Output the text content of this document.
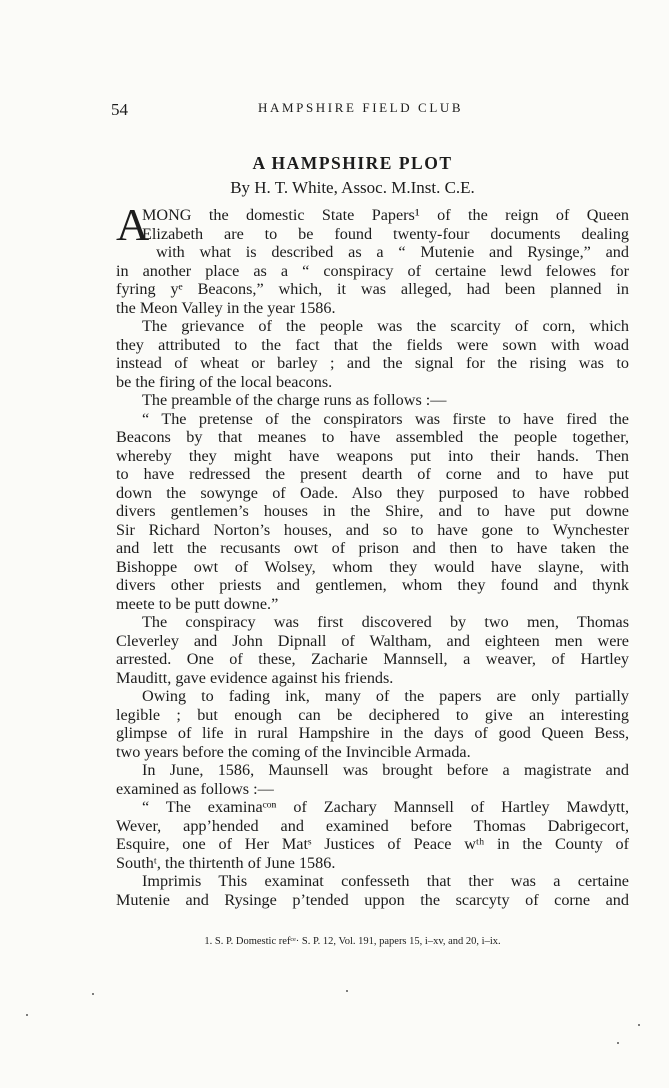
54	HAMPSHIRE FIELD CLUB
A HAMPSHIRE PLOT
By H. T. White, Assoc. M.Inst. C.E.
A
MONG the domestic State Papers¹ of the reign of Queen
Elizabeth are to be found twenty-four documents dealing
with what is described as a “ Mutenie and Rysinge,” and
in another place as a “ conspiracy of certaine lewd felowes for
fyring yᵉ Beacons,” which, it was alleged, had been planned in
the Meon Valley in the year 1586.
The grievance of the people was the scarcity of corn, which
they attributed to the fact that the fields were sown with woad
instead of wheat or barley ; and the signal for the rising was to
be the firing of the local beacons.
The preamble of the charge runs as follows :—
“ The pretense of the conspirators was firste to have fired the
Beacons by that meanes to have assembled the people together,
whereby they might have weapons put into their hands. Then
to have redressed the present dearth of corne and to have put
down the sowynge of Oade. Also they purposed to have robbed
divers gentlemen’s houses in the Shire, and to have put downe
Sir Richard Norton’s houses, and so to have gone to Wynchester
and lett the recusants owt of prison and then to have taken the
Bishoppe owt of Wolsey, whom they would have slayne, with
divers other priests and gentlemen, whom they found and thynk
meete to be putt downe.”
The conspiracy was first discovered by two men, Thomas
Cleverley and John Dipnall of Waltham, and eighteen men were
arrested. One of these, Zacharie Mannsell, a weaver, of Hartley
Mauditt, gave evidence against his friends.
Owing to fading ink, many of the papers are only partially
legible ; but enough can be deciphered to give an interesting
glimpse of life in rural Hampshire in the days of good Queen Bess,
two years before the coming of the Invincible Armada.
In June, 1586, Maunsell was brought before a magistrate and
examined as follows :—
“ The examinaᶜᵒⁿ of Zachary Mannsell of Hartley Mawdytt,
Wever, app’hended and examined before Thomas Dabrigecort,
Esquire, one of Her Matˢ Justices of Peace wᵗʰ in the County of
Southᵗ, the thirtenth of June 1586.
Imprimis This examinat confesseth that ther was a certaine
Mutenie and Rysinge p’tended uppon the scarcyty of corne and
1. S. P. Domestic refᶜᵉ· S. P. 12, Vol. 191, papers 15, i–xv, and 20, i–ix.
